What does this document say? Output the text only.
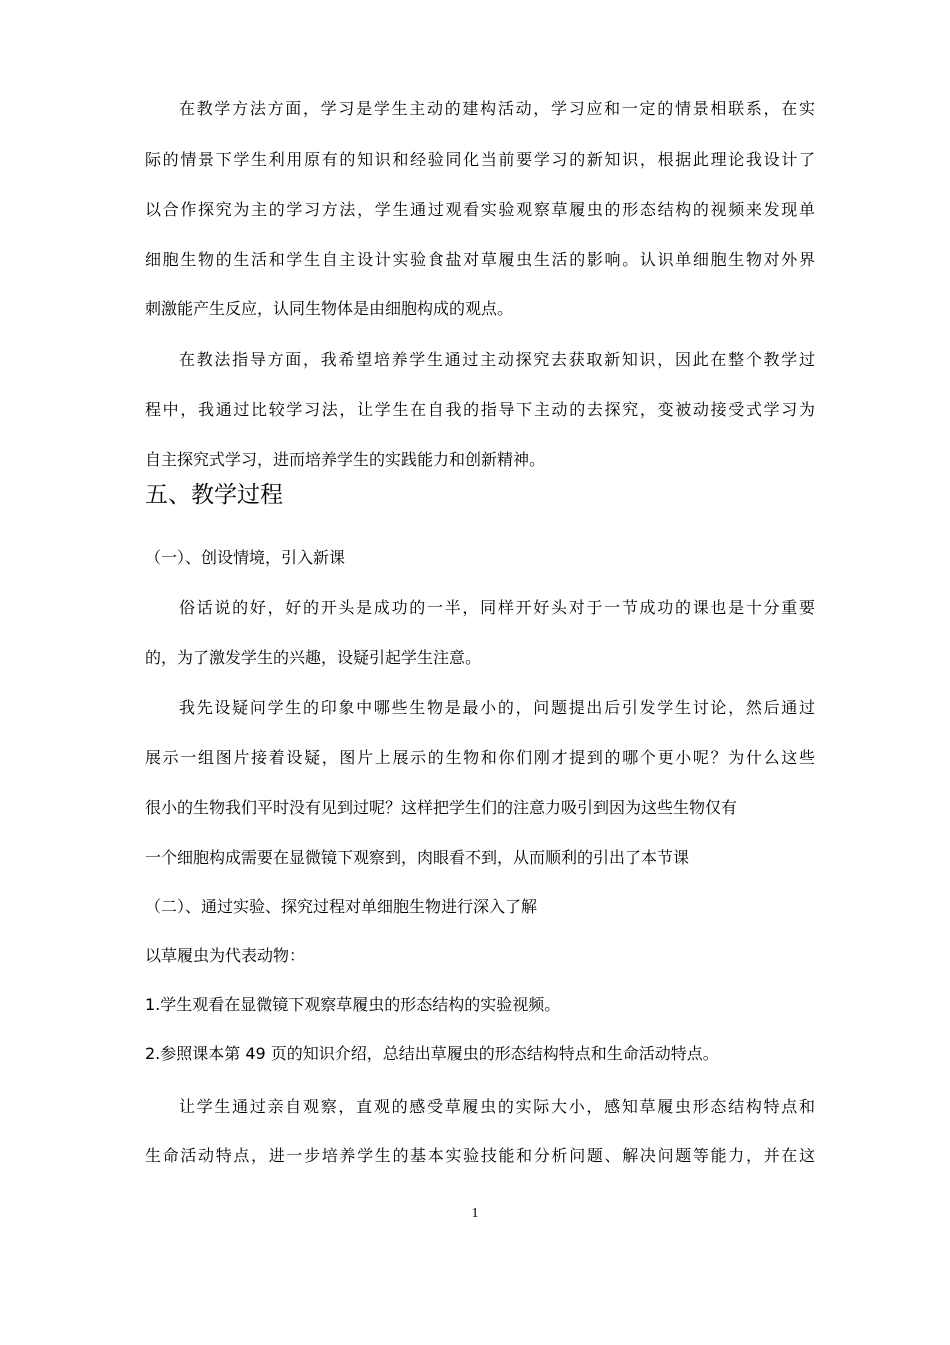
在教学方法方面，学习是学生主动的建构活动，学习应和一定的情景相联系，在实
际的情景下学生利用原有的知识和经验同化当前要学习的新知识，根据此理论我设计了
以合作探究为主的学习方法，学生通过观看实验观察草履虫的形态结构的视频来发现单
细胞生物的生活和学生自主设计实验食盐对草履虫生活的影响。认识单细胞生物对外界
刺激能产生反应，认同生物体是由细胞构成的观点。
在教法指导方面，我希望培养学生通过主动探究去获取新知识，因此在整个教学过
程中，我通过比较学习法，让学生在自我的指导下主动的去探究，变被动接受式学习为
自主探究式学习，进而培养学生的实践能力和创新精神。
五、教学过程
（一）、创设情境，引入新课
俗话说的好，好的开头是成功的一半，同样开好头对于一节成功的课也是十分重要
的，为了激发学生的兴趣，设疑引起学生注意。
我先设疑问学生的印象中哪些生物是最小的，问题提出后引发学生讨论，然后通过
展示一组图片接着设疑，图片上展示的生物和你们刚才提到的哪个更小呢？为什么这些
很小的生物我们平时没有见到过呢？这样把学生们的注意力吸引到因为这些生物仅有
一个细胞构成需要在显微镜下观察到，肉眼看不到，从而顺利的引出了本节课
（二）、通过实验、探究过程对单细胞生物进行深入了解
以草履虫为代表动物：
1.学生观看在显微镜下观察草履虫的形态结构的实验视频。
2.参照课本第 49 页的知识介绍，总结出草履虫的形态结构特点和生命活动特点。
让学生通过亲自观察，直观的感受草履虫的实际大小，感知草履虫形态结构特点和
生命活动特点，进一步培养学生的基本实验技能和分析问题、解决问题等能力，并在这
1
